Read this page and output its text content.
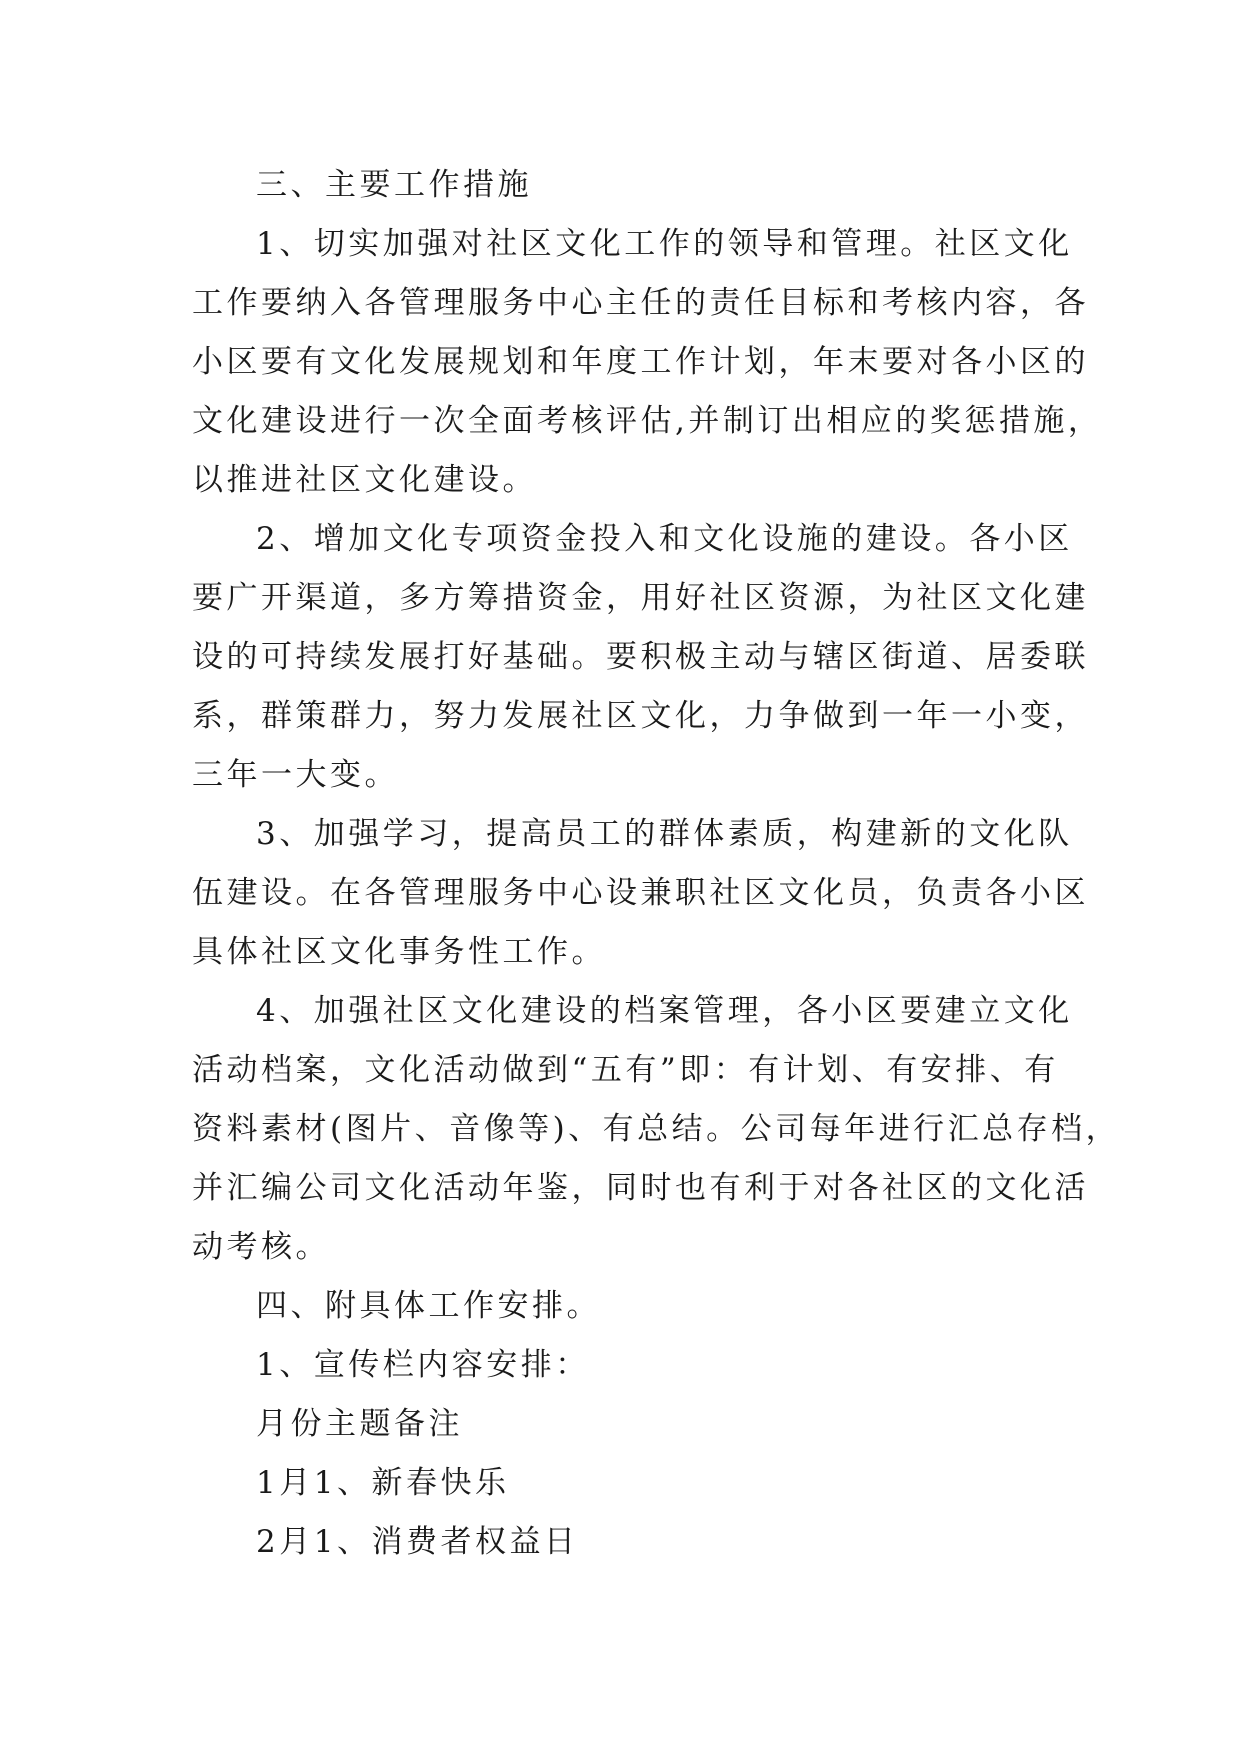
三、主要工作措施
1、切实加强对社区文化工作的领导和管理。社区文化
工作要纳入各管理服务中心主任的责任目标和考核内容，各
小区要有文化发展规划和年度工作计划，年末要对各小区的
文化建设进行一次全面考核评估,并制订出相应的奖惩措施，
以推进社区文化建设。
2、增加文化专项资金投入和文化设施的建设。各小区
要广开渠道，多方筹措资金，用好社区资源，为社区文化建
设的可持续发展打好基础。要积极主动与辖区街道、居委联
系，群策群力，努力发展社区文化，力争做到一年一小变，
三年一大变。
3、加强学习，提高员工的群体素质，构建新的文化队
伍建设。在各管理服务中心设兼职社区文化员，负责各小区
具体社区文化事务性工作。
4、加强社区文化建设的档案管理，各小区要建立文化
活动档案，文化活动做到“五有”即：有计划、有安排、有
资料素材(图片、音像等)、有总结。公司每年进行汇总存档，
并汇编公司文化活动年鉴，同时也有利于对各社区的文化活
动考核。
四、附具体工作安排。
1、宣传栏内容安排：
月份主题备注
1月1、新春快乐
2月1、消费者权益日
